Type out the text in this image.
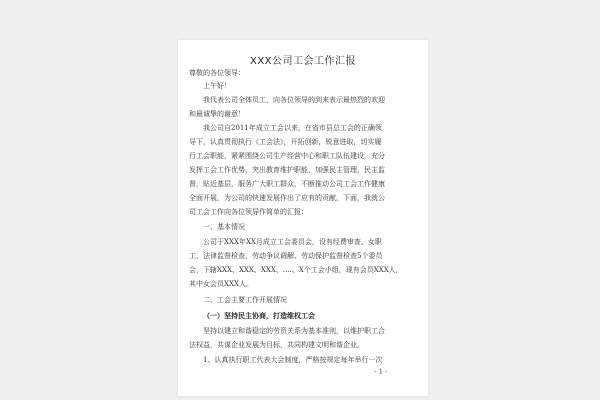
XXX公司工会工作汇报
尊敬的各位领导：
上午好！
我代表公司全体员工，向各位领导的到来表示最热烈的欢迎
和最诚挚的谢意！
我公司自2011年成立工会以来，在省市县总工会的正确领
导下，认真贯彻执行《工会法》，开拓创新，锐意进取，切实履
行工会职能，紧紧围绕公司生产经营中心和职工队伍建设，充分
发挥工会工作优势，突出教育维护职能，加强民主管理，民主监
督，贴近基层，服务广大职工群众，不断推动公司工会工作健康
全面开展，为公司的快速发展作出了应有的贡献，下面，我就公
司工会工作向各位领导作简单的汇报：
一、基本情况
公司于XXX年XX月成立工会委员会，设有经费审查、女职
工、法律监督检查、劳动争议调解、劳动保护监督检查5个委员
会，下辖XXX、XXX、XXX、....、X个工会小组，现有会员XXX人，
其中女会员XXX人。
二、工会主要工作开展情况
（一）坚持民主协商，打造维权工会
坚持以建立和谐稳定的劳资关系为基本准则，以维护职工合
法权益，共谋企业发展为目标，共同构建文明和谐企业。
1、认真执行职工代表大会制度，严格按规定每年举行一次
- 1 -
